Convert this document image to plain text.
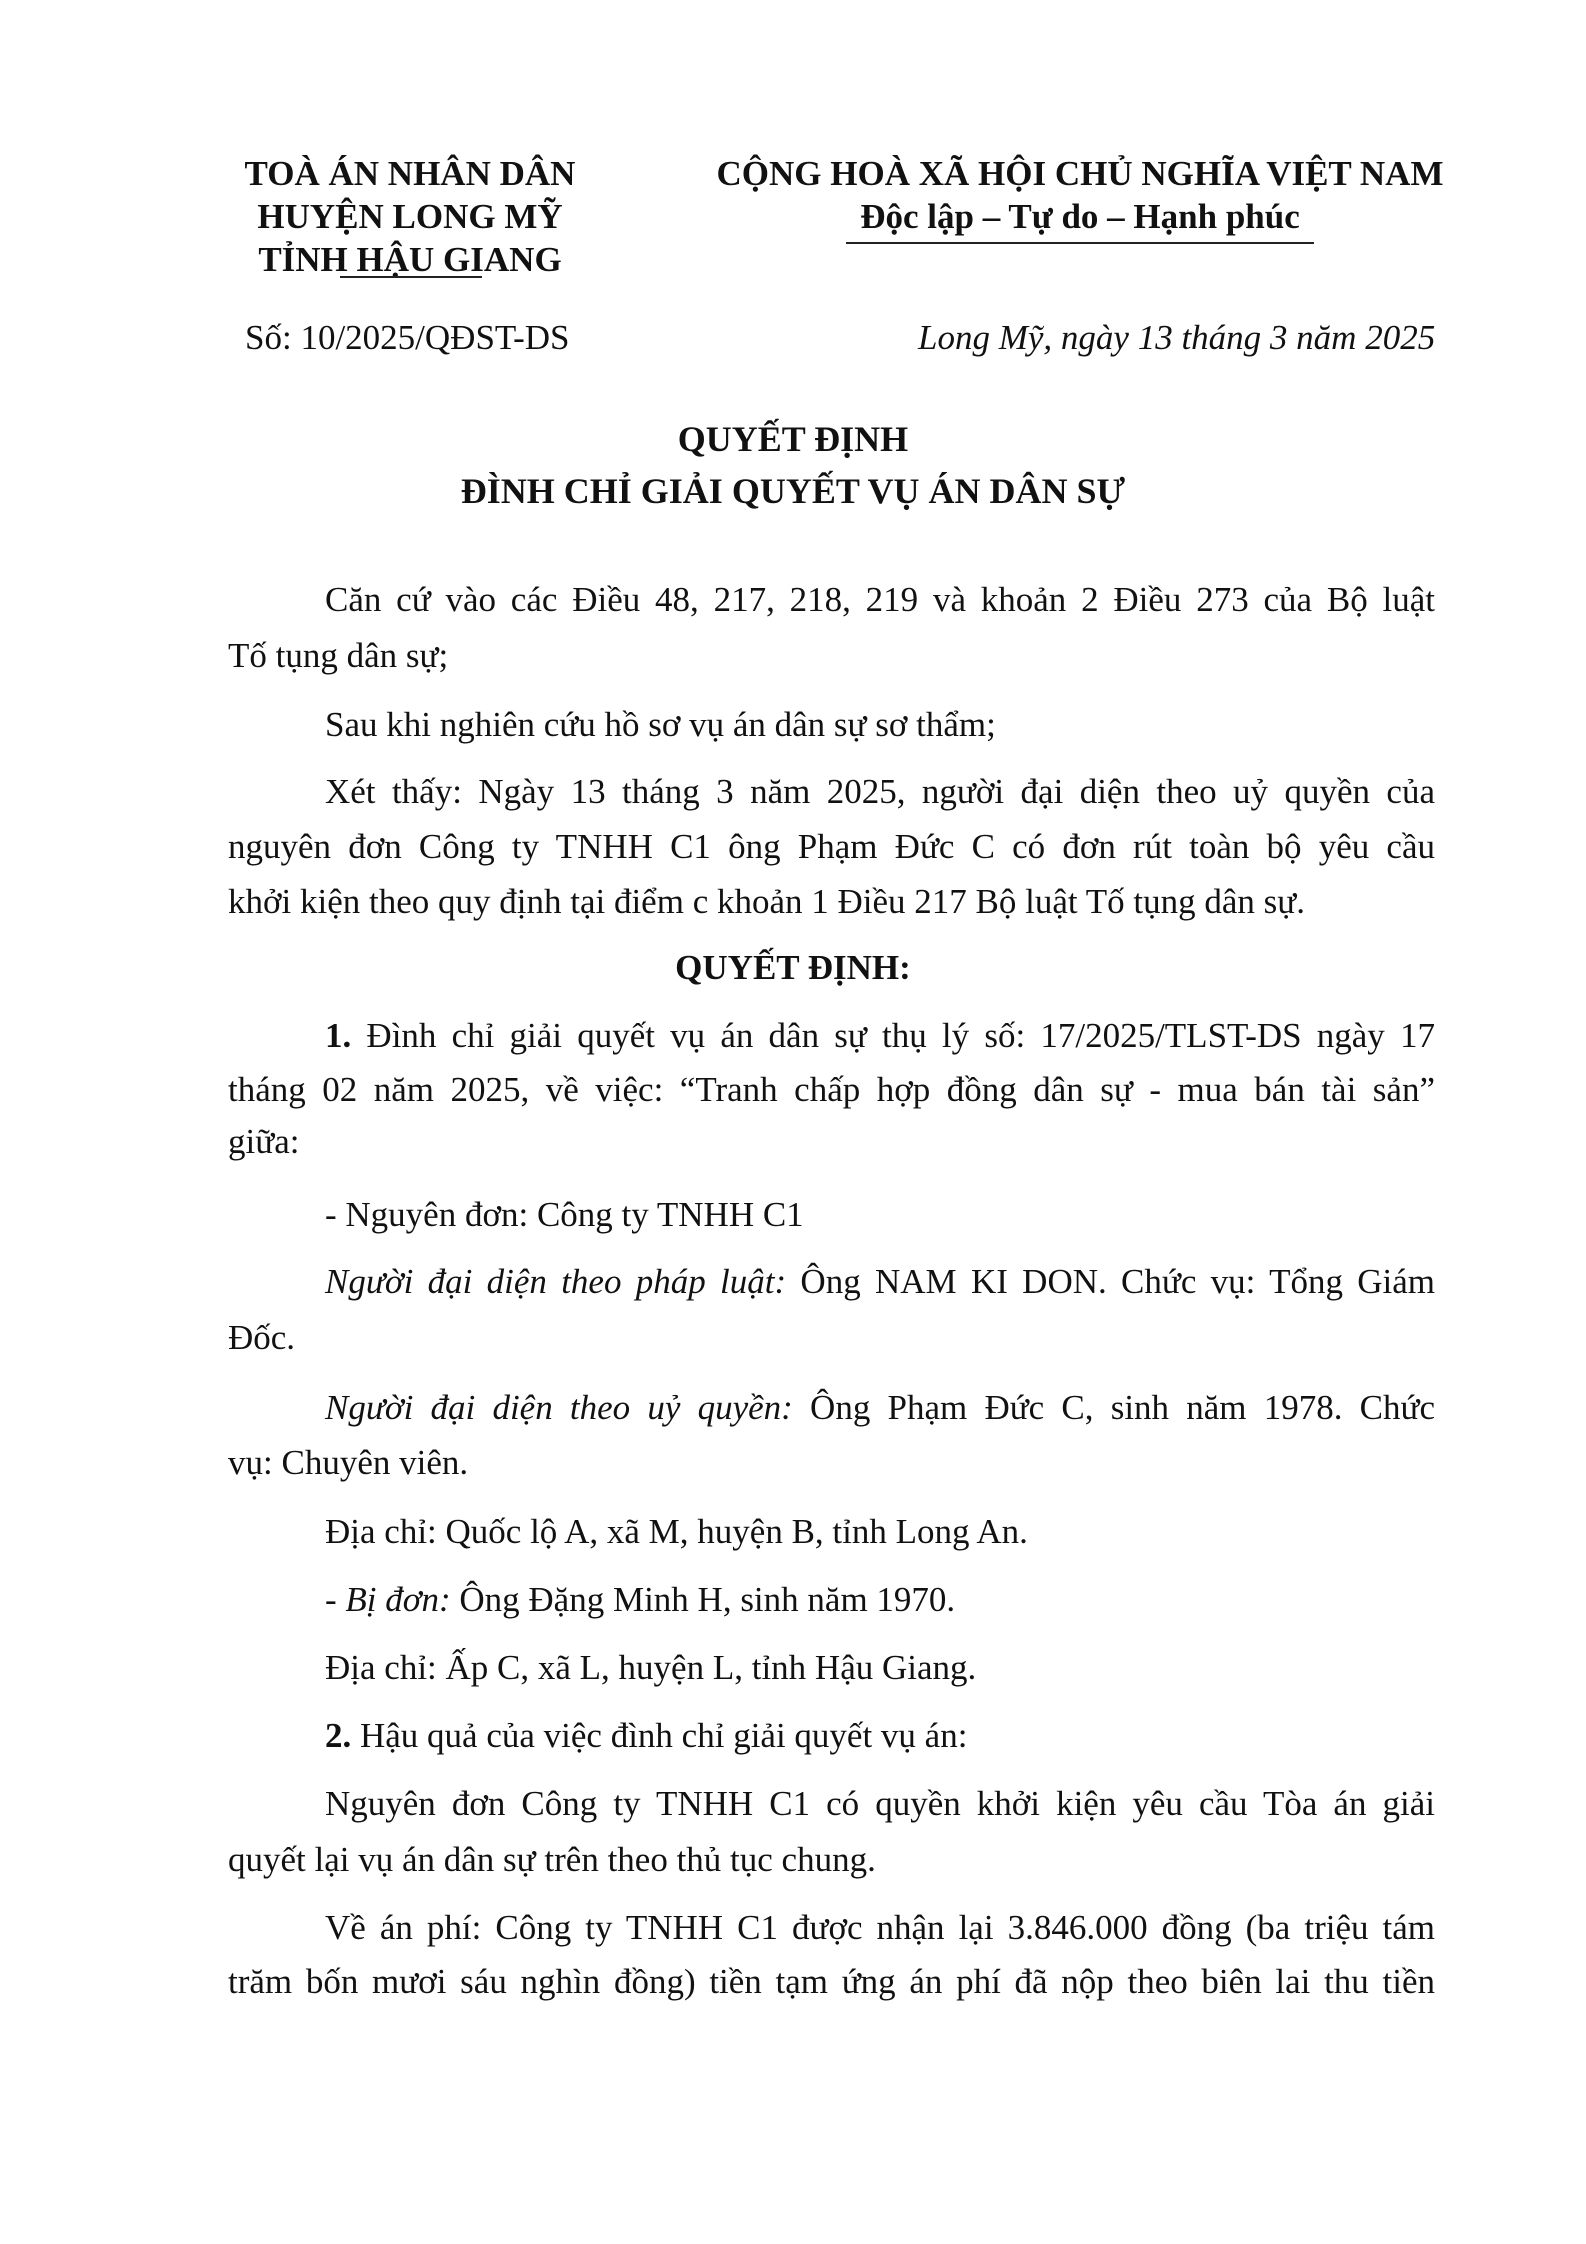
TOÀ ÁN NHÂN DÂN
HUYỆN LONG MỸ
TỈNH HẬU GIANG
CỘNG HOÀ XÃ HỘI CHỦ NGHĨA VIỆT NAM
Độc lập – Tự do – Hạnh phúc
Số: 10/2025/QĐST-DS	Long Mỹ, ngày 13 tháng 3 năm 2025
QUYẾT ĐỊNH
ĐÌNH CHỈ GIẢI QUYẾT VỤ ÁN DÂN SỰ
Căn cứ vào các Điều 48, 217, 218, 219 và khoản 2 Điều 273 của Bộ luật
Tố tụng dân sự;
Sau khi nghiên cứu hồ sơ vụ án dân sự sơ thẩm;
Xét thấy: Ngày 13 tháng 3 năm 2025, người đại diện theo uỷ quyền của
nguyên đơn Công ty TNHH C1 ông Phạm Đức C có đơn rút toàn bộ yêu cầu
khởi kiện theo quy định tại điểm c khoản 1 Điều 217 Bộ luật Tố tụng dân sự.
QUYẾT ĐỊNH:
1. Đình chỉ giải quyết vụ án dân sự thụ lý số: 17/2025/TLST-DS ngày 17
tháng 02 năm 2025, về việc: “Tranh chấp hợp đồng dân sự - mua bán tài sản”
giữa:
- Nguyên đơn: Công ty TNHH C1
Người đại diện theo pháp luật: Ông NAM KI DON. Chức vụ: Tổng Giám
Đốc.
Người đại diện theo uỷ quyền: Ông Phạm Đức C, sinh năm 1978. Chức
vụ: Chuyên viên.
Địa chỉ: Quốc lộ A, xã M, huyện B, tỉnh Long An.
- Bị đơn: Ông Đặng Minh H, sinh năm 1970.
Địa chỉ: Ấp C, xã L, huyện L, tỉnh Hậu Giang.
2. Hậu quả của việc đình chỉ giải quyết vụ án:
Nguyên đơn Công ty TNHH C1 có quyền khởi kiện yêu cầu Tòa án giải
quyết lại vụ án dân sự trên theo thủ tục chung.
Về án phí: Công ty TNHH C1 được nhận lại 3.846.000 đồng (ba triệu tám
trăm bốn mươi sáu nghìn đồng) tiền tạm ứng án phí đã nộp theo biên lai thu tiền
